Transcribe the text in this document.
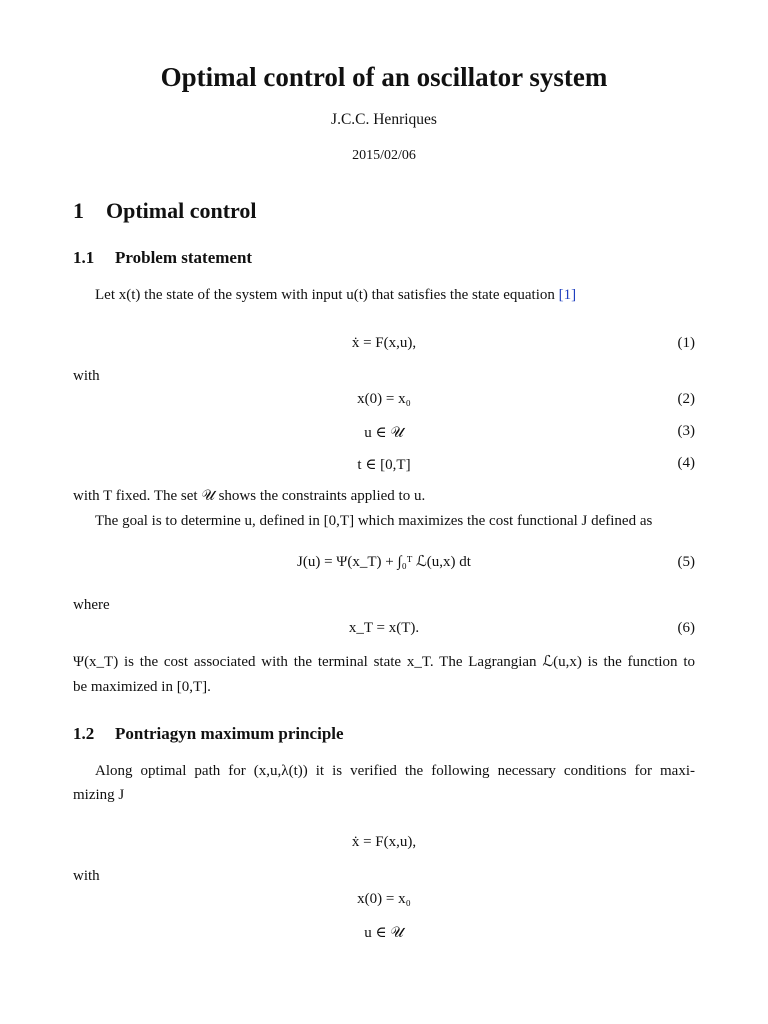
Optimal control of an oscillator system
J.C.C. Henriques
2015/02/06
1 Optimal control
1.1 Problem statement
Let x(t) the state of the system with input u(t) that satisfies the state equation [1]
ẋ = F(x,u),	(1)
with
x(0) = x₀	(2)
u ∈ 𝒰	(3)
t ∈ [0,T]	(4)
with T fixed. The set 𝒰 shows the constraints applied to u.
The goal is to determine u, defined in [0,T] which maximizes the cost functional J defined as
J(u) = Ψ(x_T) + ∫₀ᵀ ℒ(u,x) dt	(5)
where
x_T = x(T).	(6)
Ψ(x_T) is the cost associated with the terminal state x_T. The Lagrangian ℒ(u,x) is the function to
be maximized in [0,T].
1.2 Pontriagyn maximum principle
Along optimal path for (x,u,λ(t)) it is verified the following necessary conditions for maxi-
mizing J
ẋ = F(x,u),
with
x(0) = x₀
u ∈ 𝒰
